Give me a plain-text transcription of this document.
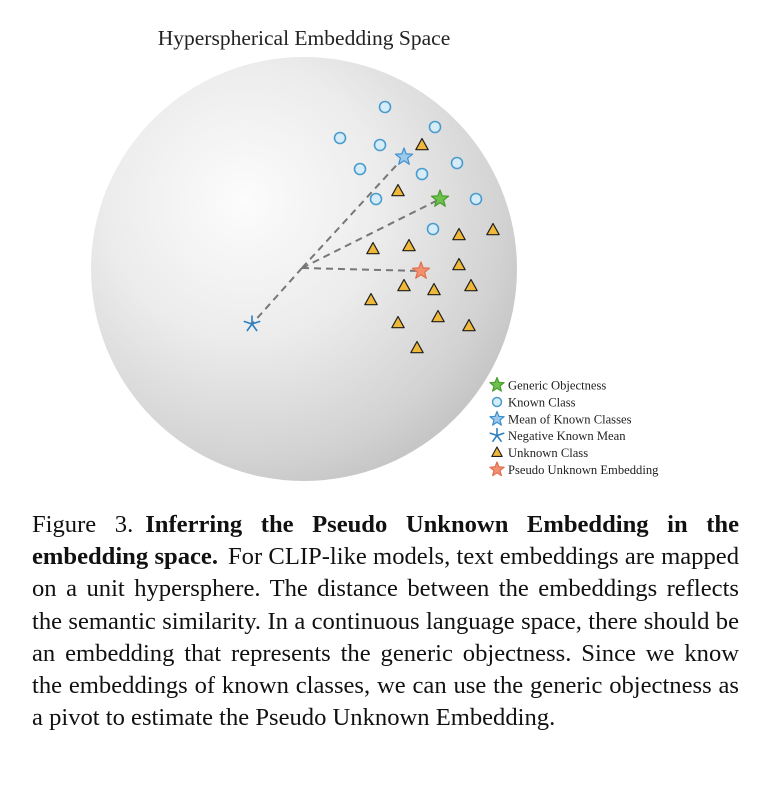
Hyperspherical Embedding Space
Generic Objectness
Known Class
Mean of Known Classes
Negative Known Mean
Unknown Class
Pseudo Unknown Embedding
Figure 3. Inferring the Pseudo Unknown Embedding in the embedding space. For CLIP-like models, text embeddings are mapped on a unit hypersphere. The distance between the embeddings reflects the semantic similarity. In a continuous language space, there should be an embedding that represents the generic objectness. Since we know the embeddings of known classes, we can use the generic objectness as a pivot to estimate the Pseudo Unknown Embedding.
